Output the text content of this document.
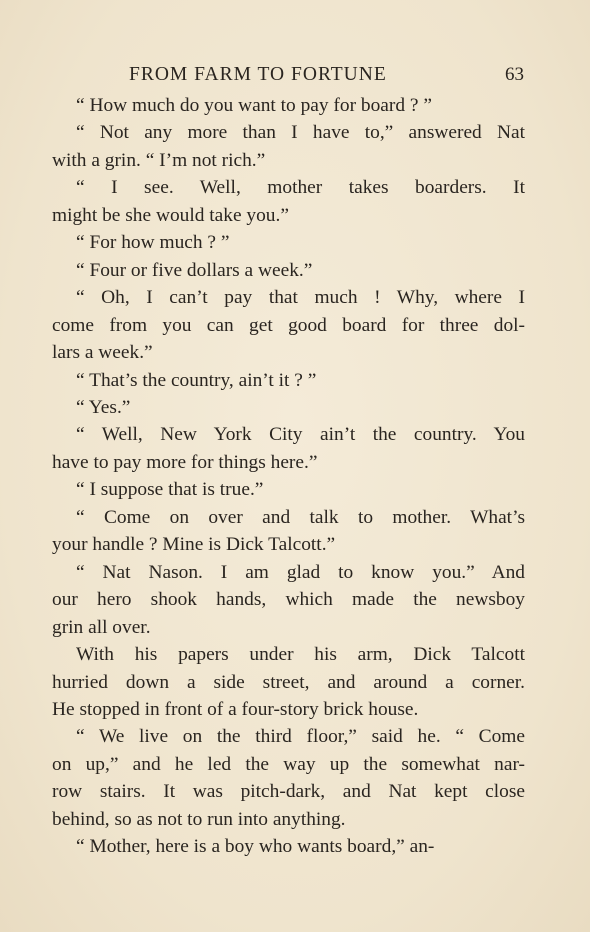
FROM FARM TO FORTUNE	63

“ How much do you want to pay for board ? ”

“ Not any more than I have to,” answered Nat
with a grin. “ I’m not rich.”

“ I see. Well, mother takes boarders. It
might be she would take you.”

“ For how much ? ”

“ Four or five dollars a week.”

“ Oh, I can’t pay that much ! Why, where I
come from you can get good board for three dol-
lars a week.”

“ That’s the country, ain’t it ? ”

“ Yes.”

“ Well, New York City ain’t the country. You
have to pay more for things here.”

“ I suppose that is true.”

“ Come on over and talk to mother. What’s
your handle ? Mine is Dick Talcott.”

“ Nat Nason. I am glad to know you.” And
our hero shook hands, which made the newsboy
grin all over.

With his papers under his arm, Dick Talcott
hurried down a side street, and around a corner.
He stopped in front of a four-story brick house.

“ We live on the third floor,” said he. “ Come
on up,” and he led the way up the somewhat nar-
row stairs. It was pitch-dark, and Nat kept close
behind, so as not to run into anything.

“ Mother, here is a boy who wants board,” an-
